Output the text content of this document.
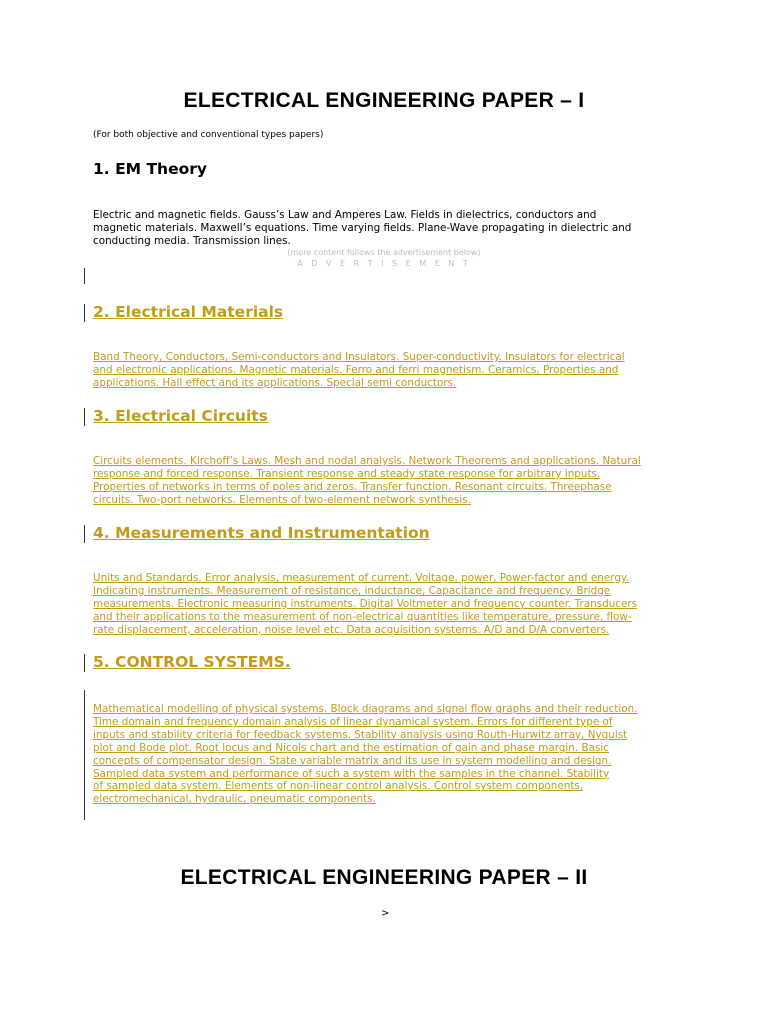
ELECTRICAL ENGINEERING PAPER – I

(For both objective and conventional types papers)

1. EM Theory
Electric and magnetic fields. Gauss’s Law and Amperes Law. Fields in dielectrics, conductors and
magnetic materials. Maxwell’s equations. Time varying fields. Plane-Wave propagating in dielectric and
conducting media. Transmission lines.

(more content follows the advertisement below)

A D V E R T I S E M E N T

2. Electrical Materials
Band Theory, Conductors, Semi-conductors and Insulators. Super-conductivity. Insulators for electrical
and electronic applications. Magnetic materials. Ferro and ferri magnetism. Ceramics, Properties and
applications. Hall effect and its applications. Special semi conductors.
3. Electrical Circuits
Circuits elements. Kirchoff’s Laws. Mesh and nodal analysis. Network Theorems and applications. Natural
response and forced response. Transient response and steady state response for arbitrary inputs.
Properties of networks in terms of poles and zeros. Transfer function. Resonant circuits. Threephase
circuits. Two-port networks. Elements of two-element network synthesis.
4. Measurements and Instrumentation
Units and Standards. Error analysis, measurement of current, Voltage, power, Power-factor and energy.
Indicating instruments. Measurement of resistance, inductance, Capacitance and frequency. Bridge
measurements. Electronic measuring instruments. Digital Voltmeter and frequency counter. Transducers
and their applications to the measurement of non-electrical quantities like temperature, pressure, flow-
rate displacement, acceleration, noise level etc. Data acquisition systems. A/D and D/A converters.
5. CONTROL SYSTEMS.
Mathematical modelling of physical systems. Block diagrams and signal flow graphs and their reduction.
Time domain and frequency domain analysis of linear dynamical system. Errors for different type of
inputs and stability criteria for feedback systems. Stability analysis using Routh-Hurwitz array, Nyquist
plot and Bode plot. Root locus and Nicols chart and the estimation of gain and phase margin. Basic
concepts of compensator design. State variable matrix and its use in system modelling and design.
Sampled data system and performance of such a system with the samples in the channel. Stability
of sampled data system. Elements of non-linear control analysis. Control system components,
electromechanical, hydraulic, pneumatic components.
ELECTRICAL ENGINEERING PAPER – II

>
